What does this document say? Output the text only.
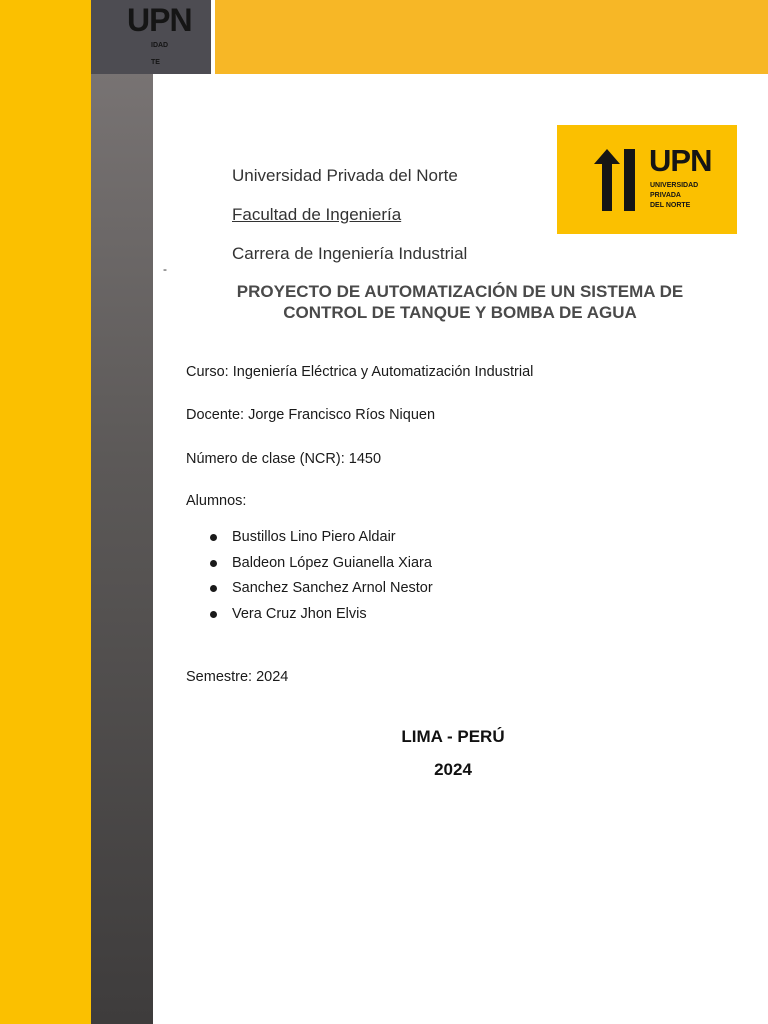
UPN
IDAD
TE
UPN
UNIVERSIDAD
PRIVADA
DEL NORTE
Universidad Privada del Norte
Facultad de Ingeniería
Carrera de Ingeniería Industrial
-
PROYECTO DE AUTOMATIZACIÓN DE UN SISTEMA DE
CONTROL DE TANQUE Y BOMBA DE AGUA
Curso: Ingeniería Eléctrica y Automatización Industrial
Docente: Jorge Francisco Ríos Niquen
Número de clase (NCR): 1450
Alumnos:
Bustillos Lino Piero Aldair
Baldeon López Guianella Xiara
Sanchez Sanchez Arnol Nestor
Vera Cruz Jhon Elvis
Semestre: 2024
LIMA - PERÚ
2024
